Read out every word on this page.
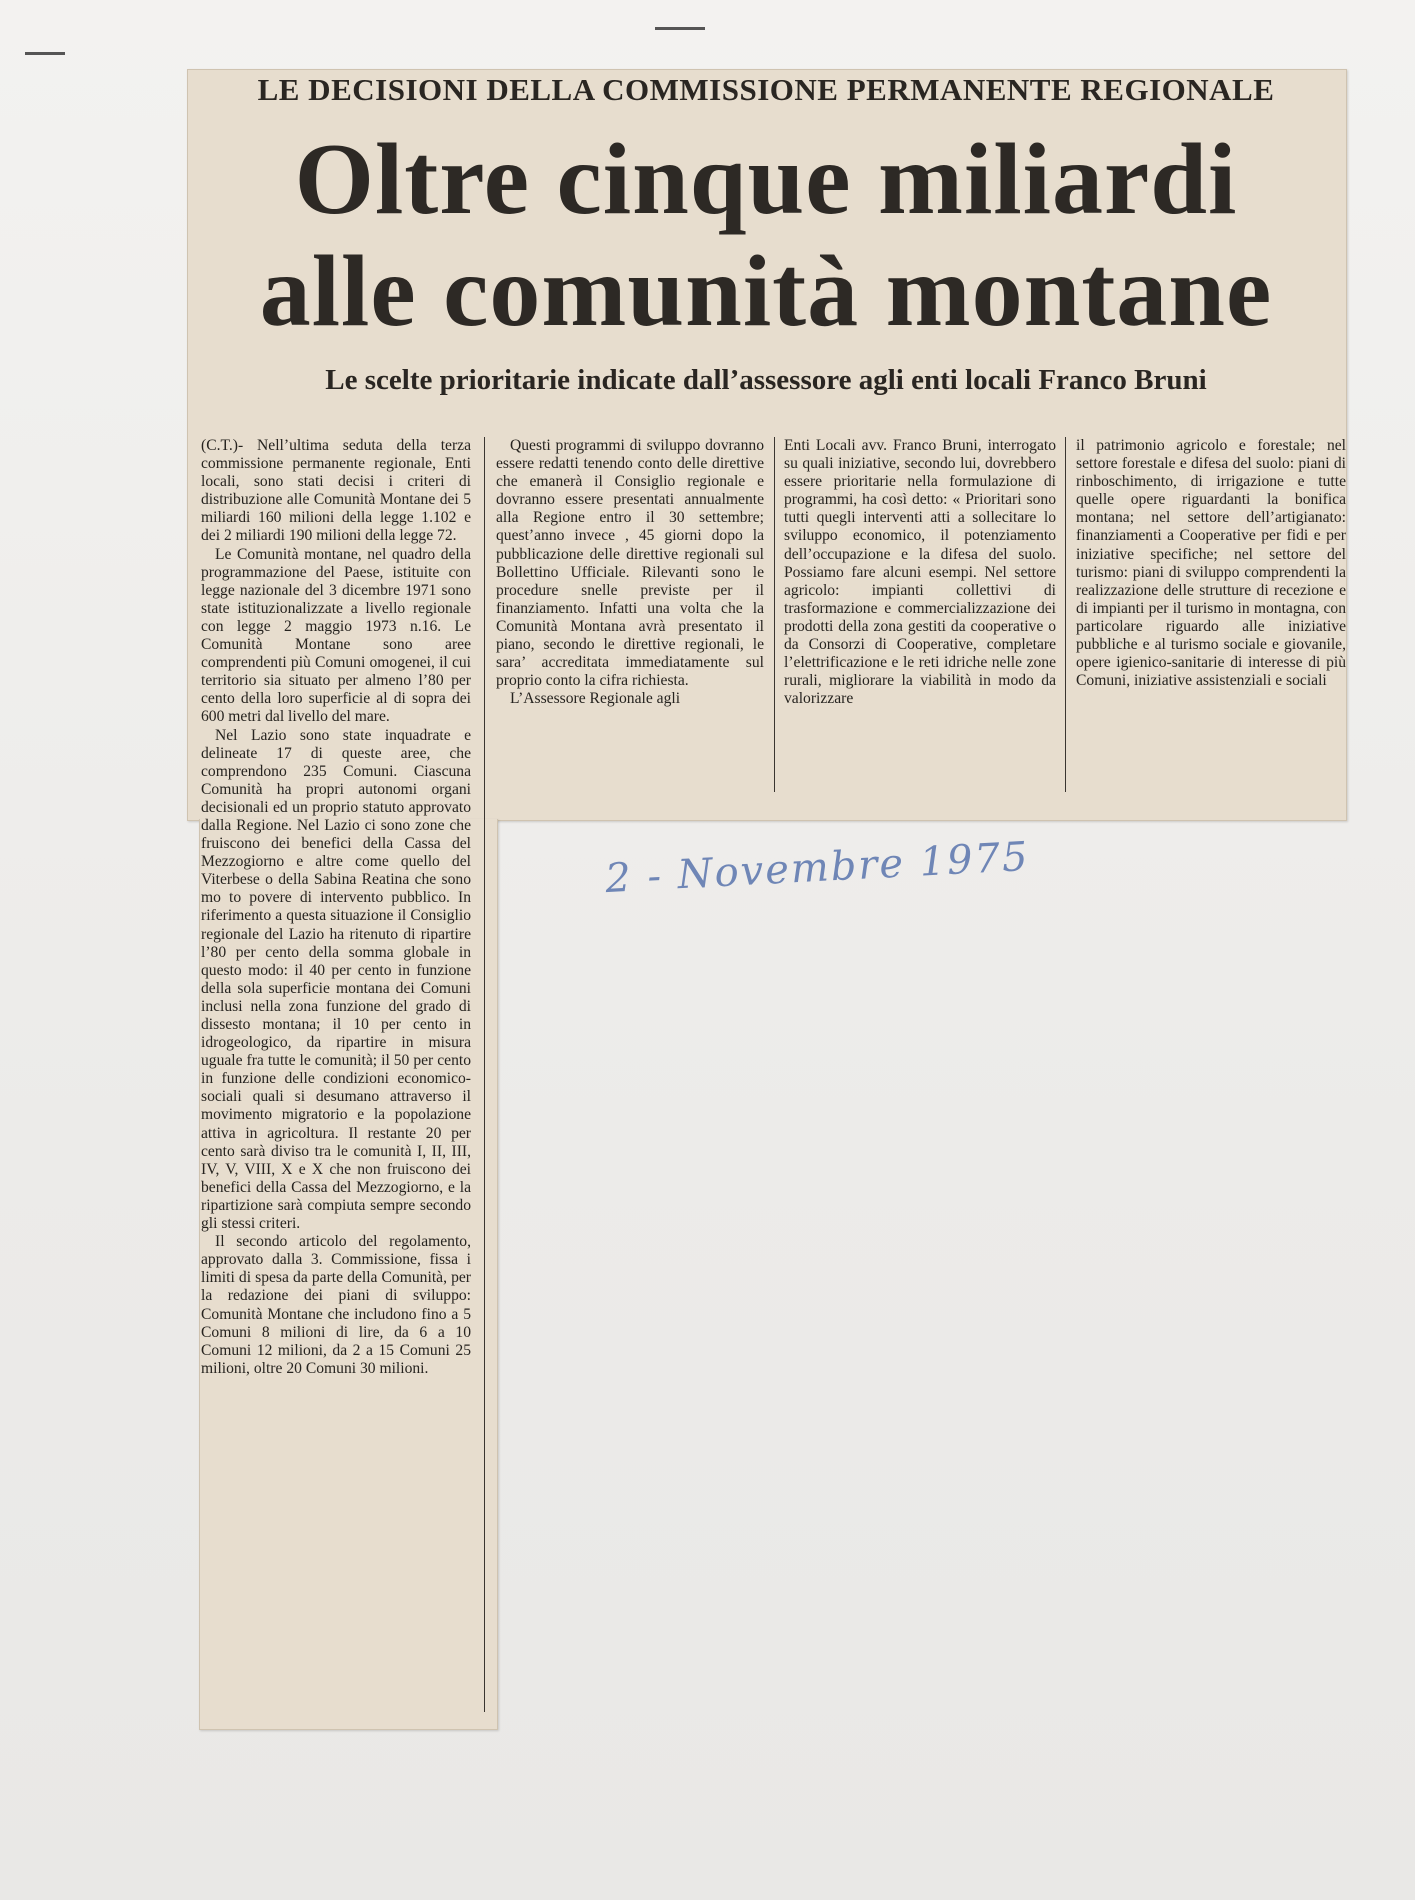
LE DECISIONI DELLA COMMISSIONE PERMANENTE REGIONALE
Oltre cinque miliardi
alle comunità montane
Le scelte prioritarie indicate dall’assessore agli enti locali Franco Bruni

(C.T.)- Nell’ultima seduta della terza commissione permanente regionale, Enti locali, sono stati decisi i criteri di distribuzione alle Comunità Montane dei 5 miliardi 160 milioni della legge 1.102 e dei 2 miliardi 190 milioni della legge 72.

Le Comunità montane, nel quadro della programmazione del Paese, istituite con legge nazionale del 3 dicembre 1971 sono state istituzionalizzate a livello regionale con legge 2 maggio 1973 n.16. Le Comunità Montane sono aree comprendenti più Comuni omogenei, il cui territorio sia situato per almeno l’80 per cento della loro superficie al di sopra dei 600 metri dal livello del mare.

Nel Lazio sono state inquadrate e delineate 17 di queste aree, che comprendono 235 Comuni. Ciascuna Comunità ha propri autonomi organi decisionali ed un proprio statuto approvato dalla Regione. Nel Lazio ci sono zone che fruiscono dei benefici della Cassa del Mezzogiorno e altre come quello del Viterbese o della Sabina Reatina che sono mo to povere di intervento pubblico. In riferimento a questa situazione il Consiglio regionale del Lazio ha ritenuto di ripartire l’80 per cento della somma globale in questo modo: il 40 per cento in funzione della sola superficie montana dei Comuni inclusi nella zona funzione del grado di dissesto montana; il 10 per cento in idrogeologico, da ripartire in misura uguale fra tutte le comunità; il 50 per cento in funzione delle condizioni economico-sociali quali si desumano attraverso il movimento migratorio e la popolazione attiva in agricoltura. Il restante 20 per cento sarà diviso tra le comunità I, II, III, IV, V, VIII, X e X che non fruiscono dei benefici della Cassa del Mezzogiorno, e la ripartizione sarà compiuta sempre secondo gli stessi criteri.

Il secondo articolo del regolamento, approvato dalla 3. Commissione, fissa i limiti di spesa da parte della Comunità, per la redazione dei piani di sviluppo: Comunità Montane che includono fino a 5 Comuni 8 milioni di lire, da 6 a 10 Comuni 12 milioni, da 2 a 15 Comuni 25 milioni, oltre 20 Comuni 30 milioni.

Questi programmi di sviluppo dovranno essere redatti tenendo conto delle direttive che emanerà il Consiglio regionale e dovranno essere presentati annualmente alla Regione entro il 30 settembre; quest’anno invece , 45 giorni dopo la pubblicazione delle direttive regionali sul Bollettino Ufficiale. Rilevanti sono le procedure snelle previste per il finanziamento. Infatti una volta che la Comunità Montana avrà presentato il piano, secondo le direttive regionali, le sara’ accreditata immediatamente sul proprio conto la cifra richiesta.

L’Assessore Regionale agli

Enti Locali avv. Franco Bruni, interrogato su quali iniziative, secondo lui, dovrebbero essere prioritarie nella formulazione di programmi, ha così detto: « Prioritari sono tutti quegli interventi atti a sollecitare lo sviluppo economico, il potenziamento dell’occupazione e la difesa del suolo. Possiamo fare alcuni esempi. Nel settore agricolo: impianti collettivi di trasformazione e commercializzazione dei prodotti della zona gestiti da cooperative o da Consorzi di Cooperative, completare l’elettrificazione e le reti idriche nelle zone rurali, migliorare la viabilità in modo da valorizzare

il patrimonio agricolo e forestale; nel settore forestale e difesa del suolo: piani di rinboschimento, di irrigazione e tutte quelle opere riguardanti la bonifica montana; nel settore dell’artigianato: finanziamenti a Cooperative per fidi e per iniziative specifiche; nel settore del turismo: piani di sviluppo comprendenti la realizzazione delle strutture di recezione e di impianti per il turismo in montagna, con particolare riguardo alle iniziative pubbliche e al turismo sociale e giovanile, opere igienico-sanitarie di interesse di più Comuni, iniziative assistenziali e sociali

2 - Novembre 1975
